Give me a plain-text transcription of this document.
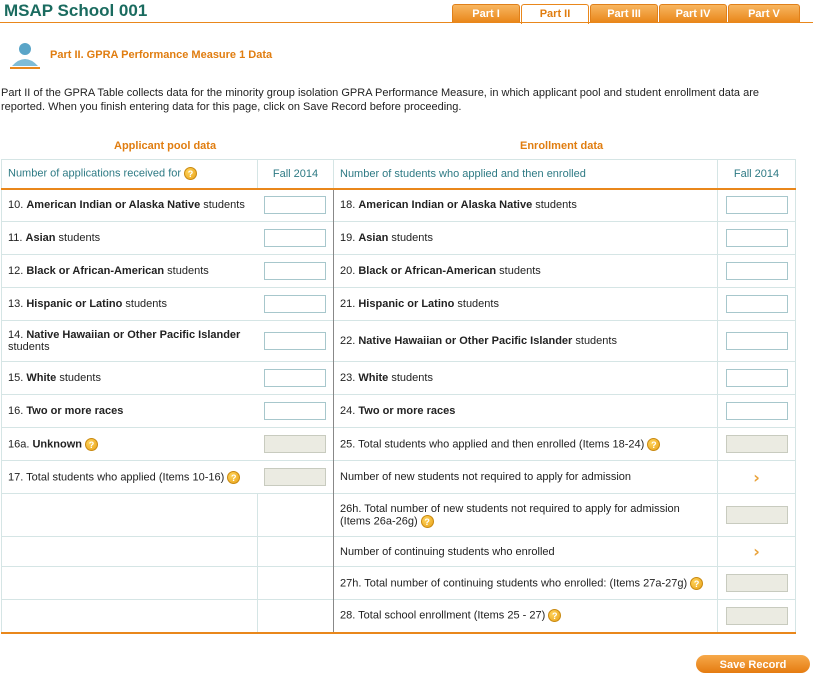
MSAP School 001	Part I	Part II	Part III	Part IV	Part V
Part II. GPRA Performance Measure 1 Data
Part II of the GPRA Table collects data for the minority group isolation GPRA Performance Measure, in which applicant pool and student enrollment data are reported. When you finish entering data for this page, click on Save Record before proceeding.
Applicant pool data	Enrollment data
Number of applications received for ?	Fall 2014	Number of students who applied and then enrolled	Fall 2014
10. American Indian or Alaska Native students		18. American Indian or Alaska Native students	
11. Asian students		19. Asian students	
12. Black or African-American students		20. Black or African-American students	
13. Hispanic or Latino students		21. Hispanic or Latino students	
14. Native Hawaiian or Other Pacific Islander students		22. Native Hawaiian or Other Pacific Islander students	
15. White students		23. White students	
16. Two or more races		24. Two or more races	
16a. Unknown ?		25. Total students who applied and then enrolled (Items 18-24) ?	
17. Total students who applied (Items 10-16) ?		Number of new students not required to apply for admission	›
		26h. Total number of new students not required to apply for admission (Items 26a-26g) ?	
		Number of continuing students who enrolled	›
		27h. Total number of continuing students who enrolled: (Items 27a-27g) ?	
		28. Total school enrollment (Items 25 - 27) ?	
Save Record
